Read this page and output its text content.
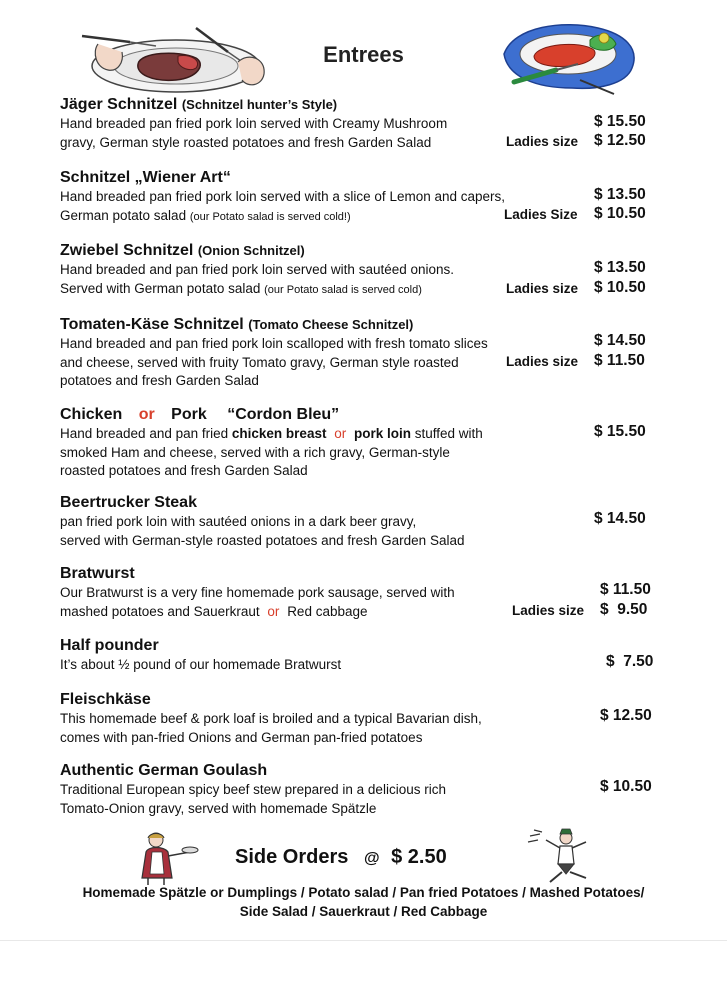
Entrees
Jäger Schnitzel (Schnitzel hunter’s Style)
Hand breaded pan fried pork loin served with Creamy Mushroom
gravy, German style roasted potatoes and fresh Garden Salad
$ 15.50
Ladies size $ 12.50
Schnitzel „Wiener Art“
Hand breaded pan fried pork loin served with a slice of Lemon and capers,
German potato salad (our Potato salad is served cold!)
$ 13.50
Ladies Size $ 10.50
Zwiebel Schnitzel (Onion Schnitzel)
Hand breaded and pan fried pork loin served with sautéed onions.
Served with German potato salad (our Potato salad is served cold)
$ 13.50
Ladies size $ 10.50
Tomaten-Käse Schnitzel (Tomato Cheese Schnitzel)
Hand breaded and pan fried pork loin scalloped with fresh tomato slices
and cheese, served with fruity Tomato gravy, German style roasted
potatoes and fresh Garden Salad
$ 14.50
Ladies size $ 11.50
Chicken or Pork “Cordon Bleu”
Hand breaded and pan fried chicken breast or pork loin stuffed with
smoked Ham and cheese, served with a rich gravy, German-style
roasted potatoes and fresh Garden Salad
$ 15.50
Beertrucker Steak
pan fried pork loin with sautéed onions in a dark beer gravy,
served with German-style roasted potatoes and fresh Garden Salad
$ 14.50
Bratwurst
Our Bratwurst is a very fine homemade pork sausage, served with
mashed potatoes and Sauerkraut or Red cabbage
$ 11.50
Ladies size $  9.50
Half pounder
It’s about ½ pound of our homemade Bratwurst	$  7.50
Fleischkäse
This homemade beef & pork loaf is broiled and a typical Bavarian dish,
comes with pan-fried Onions and German pan-fried potatoes
$ 12.50
Authentic German Goulash
Traditional European spicy beef stew prepared in a delicious rich
Tomato-Onion gravy, served with homemade Spätzle
$ 10.50
Side Orders @ $ 2.50
Homemade Spätzle or Dumplings / Potato salad / Pan fried Potatoes / Mashed Potatoes/
Side Salad / Sauerkraut / Red Cabbage
